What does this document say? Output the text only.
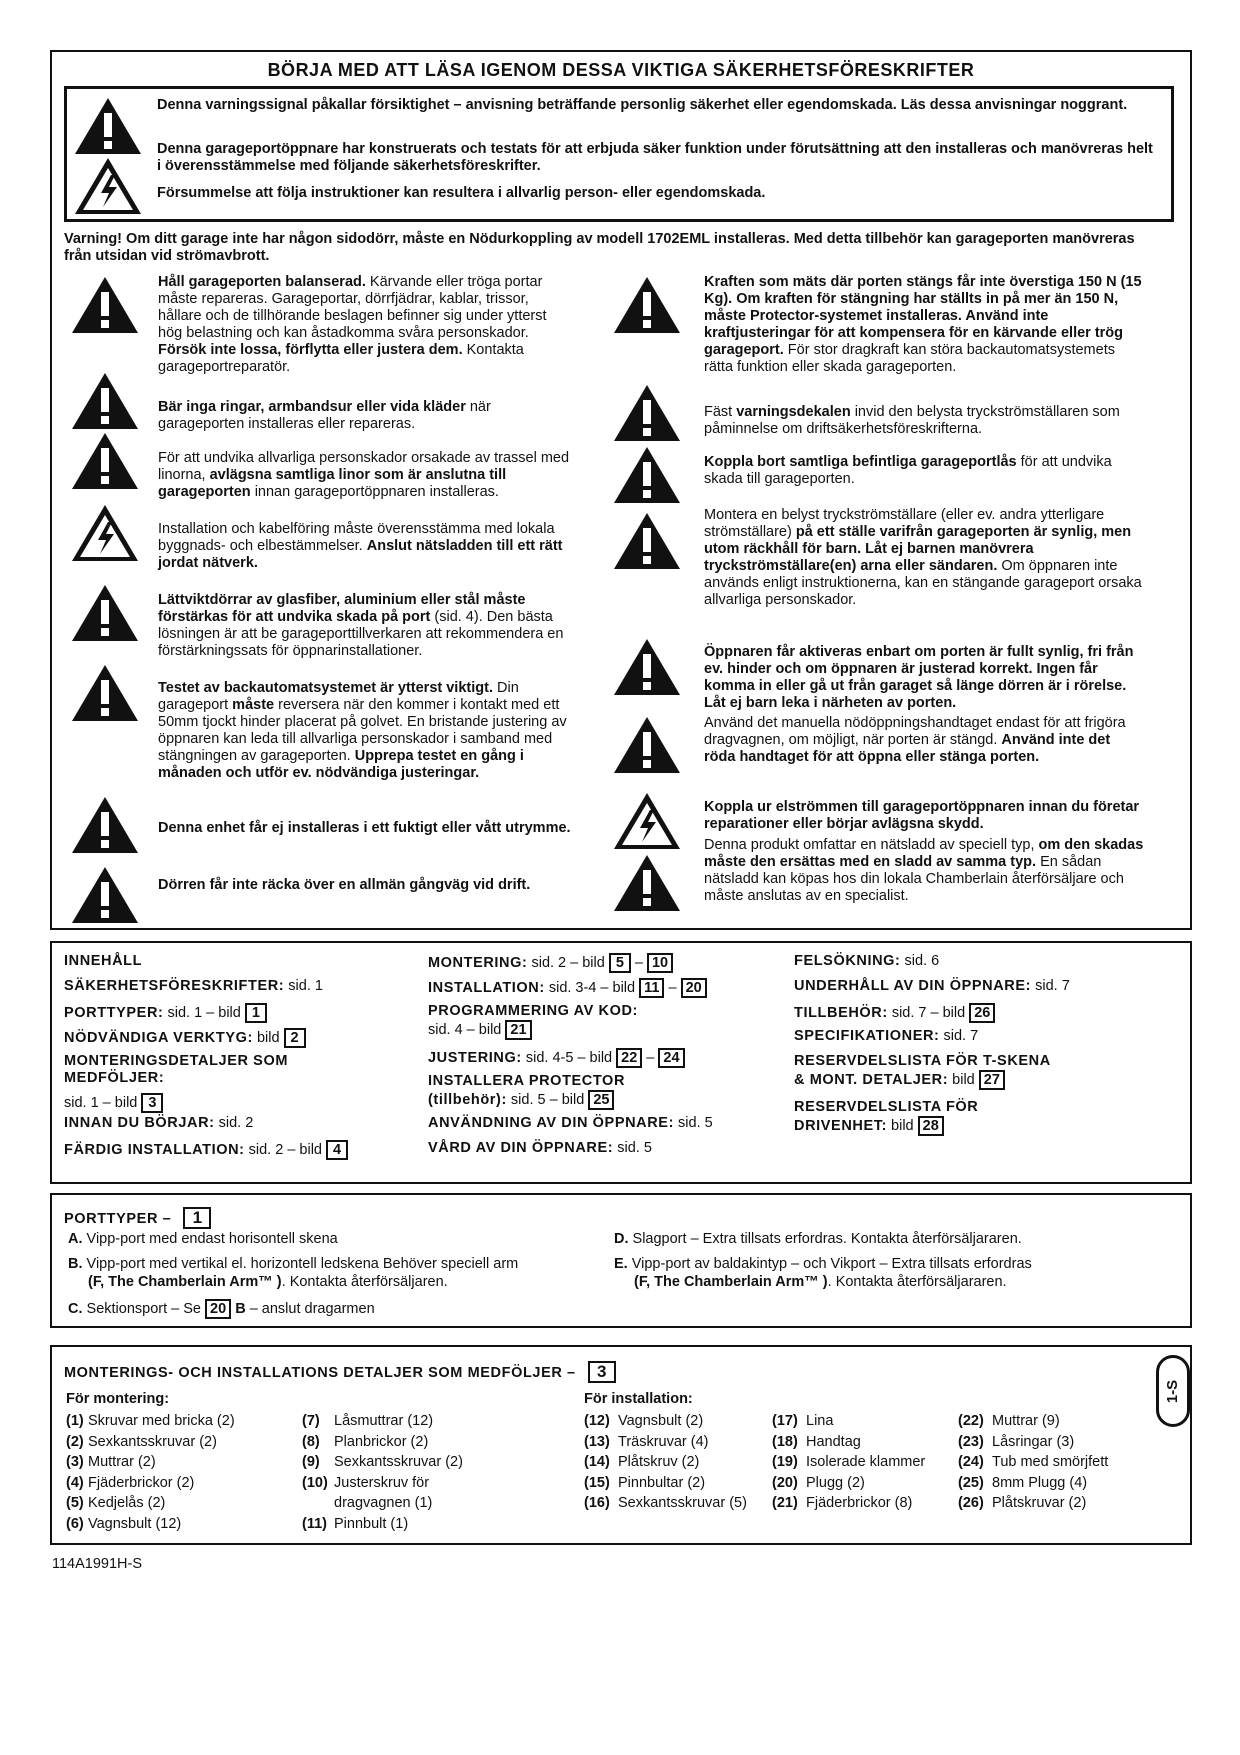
BÖRJA MED ATT LÄSA IGENOM DESSA VIKTIGA SÄKERHETSFÖRESKRIFTER
Denna varningssignal påkallar försiktighet – anvisning beträffande personlig säkerhet eller egendomskada. Läs dessa anvisningar noggrant.
Denna garageportöppnare har konstruerats och testats för att erbjuda säker funktion under förutsättning att den installeras och manövreras helt i överensstämmelse med följande säkerhetsföreskrifter.
Försummelse att följa instruktioner kan resultera i allvarlig person- eller egendomskada.
Varning! Om ditt garage inte har någon sidodörr, måste en Nödurkoppling av modell 1702EML installeras. Med detta tillbehör kan garageporten manövreras från utsidan vid strömavbrott.
Håll garageporten balanserad. Kärvande eller tröga portar måste repareras. Garageportar, dörrfjädrar, kablar, trissor, hållare och de tillhörande beslagen befinner sig under ytterst hög belastning och kan åstadkomma svåra personskador. Försök inte lossa, förflytta eller justera dem. Kontakta garageportreparatör.
Bär inga ringar, armbandsur eller vida kläder när garageporten installeras eller repareras.
För att undvika allvarliga personskador orsakade av trassel med linorna, avlägsna samtliga linor som är anslutna till garageporten innan garageportöppnaren installeras.
Installation och kabelföring måste överensstämma med lokala byggnads- och elbestämmelser. Anslut nätsladden till ett rätt jordat nätverk.
Lättviktdörrar av glasfiber, aluminium eller stål måste förstärkas för att undvika skada på port (sid. 4). Den bästa lösningen är att be garageporttillverkaren att rekommendera en förstärkningssats för öppnarinstallationer.
Testet av backautomatsystemet är ytterst viktigt. Din garageport måste reversera när den kommer i kontakt med ett 50mm tjockt hinder placerat på golvet. En bristande justering av öppnaren kan leda till allvarliga personskador i samband med stängningen av garageporten. Upprepa testet en gång i månaden och utför ev. nödvändiga justeringar.
Denna enhet får ej installeras i ett fuktigt eller vått utrymme.
Dörren får inte räcka över en allmän gångväg vid drift.
Kraften som mäts där porten stängs får inte överstiga 150 N (15 Kg). Om kraften för stängning har ställts in på mer än 150 N, måste Protector-systemet installeras. Använd inte kraftjusteringar för att kompensera för en kärvande eller trög garageport. För stor dragkraft kan störa backautomatsystemets rätta funktion eller skada garageporten.
Fäst varningsdekalen invid den belysta tryckströmställaren som påminnelse om driftsäkerhetsföreskrifterna.
Koppla bort samtliga befintliga garageportlås för att undvika skada till garageporten.
Montera en belyst tryckströmställare (eller ev. andra ytterligare strömställare) på ett ställe varifrån garageporten är synlig, men utom räckhåll för barn. Låt ej barnen manövrera tryckströmställare(en) arna eller sändaren. Om öppnaren inte används enligt instruktionerna, kan en stängande garageport orsaka allvarliga personskador.
Öppnaren får aktiveras enbart om porten är fullt synlig, fri från ev. hinder och om öppnaren är justerad korrekt. Ingen får komma in eller gå ut från garaget så länge dörren är i rörelse. Låt ej barn leka i närheten av porten.
Använd det manuella nödöppningshandtaget endast för att frigöra dragvagnen, om möjligt, när porten är stängd. Använd inte det röda handtaget för att öppna eller stänga porten.
Koppla ur elströmmen till garageportöppnaren innan du företar reparationer eller börjar avlägsna skydd.
Denna produkt omfattar en nätsladd av speciell typ, om den skadas måste den ersättas med en sladd av samma typ. En sådan nätsladd kan köpas hos din lokala Chamberlain återförsäljare och måste anslutas av en specialist.
INNEHÅLL
SÄKERHETSFÖRESKRIFTER: sid. 1
PORTTYPER: sid. 1 – bild 1
NÖDVÄNDIGA VERKTYG: bild 2
MONTERINGSDETALJER SOM MEDFÖLJER:
sid. 1 – bild 3
INNAN DU BÖRJAR: sid. 2
FÄRDIG INSTALLATION: sid. 2 – bild 4
MONTERING: sid. 2 – bild 5 – 10
INSTALLATION: sid. 3-4 – bild 11 – 20
PROGRAMMERING AV KOD:
sid. 4 – bild 21
JUSTERING: sid. 4-5 – bild 22 – 24
INSTALLERA PROTECTOR
(tillbehör): sid. 5 – bild 25
ANVÄNDNING AV DIN ÖPPNARE: sid. 5
VÅRD AV DIN ÖPPNARE: sid. 5
FELSÖKNING: sid. 6
UNDERHÅLL AV DIN ÖPPNARE: sid. 7
TILLBEHÖR: sid. 7 – bild 26
SPECIFIKATIONER: sid. 7
RESERVDELSLISTA FÖR T-SKENA
& MONT. DETALJER: bild 27
RESERVDELSLISTA FÖR
DRIVENHET: bild 28
PORTTYPER – 1
A. Vipp-port med endast horisontell skena
B. Vipp-port med vertikal el. horizontell ledskena Behöver speciell arm
(F, The Chamberlain Arm™ ). Kontakta återförsäljaren.
C. Sektionsport – Se 20 B – anslut dragarmen
D. Slagport – Extra tillsats erfordras. Kontakta återförsäljararen.
E. Vipp-port av baldakintyp – och Vikport – Extra tillsats erfordras
(F, The Chamberlain Arm™ ). Kontakta återförsäljararen.
MONTERINGS- OCH INSTALLATIONS DETALJER SOM MEDFÖLJER – 3
För montering:	För installation:
(1) Skruvar med bricka (2)
(2) Sexkantsskruvar (2)
(3) Muttrar (2)
(4) Fjäderbrickor (2)
(5) Kedjelås (2)
(6) Vagnsbult (12)
(7) Låsmuttrar (12)
(8) Planbrickor (2)
(9) Sexkantsskruvar (2)
(10) Justerskruv för
dragvagnen (1)
(11) Pinnbult (1)
(12) Vagnsbult (2)
(13) Träskruvar (4)
(14) Plåtskruv (2)
(15) Pinnbultar (2)
(16) Sexkantsskruvar (5)
(17) Lina
(18) Handtag
(19) Isolerade klammer
(20) Plugg (2)
(21) Fjäderbrickor (8)
(22) Muttrar (9)
(23) Låsringar (3)
(24) Tub med smörjfett
(25) 8mm Plugg (4)
(26) Plåtskruvar (2)
114A1991H-S
1-S
